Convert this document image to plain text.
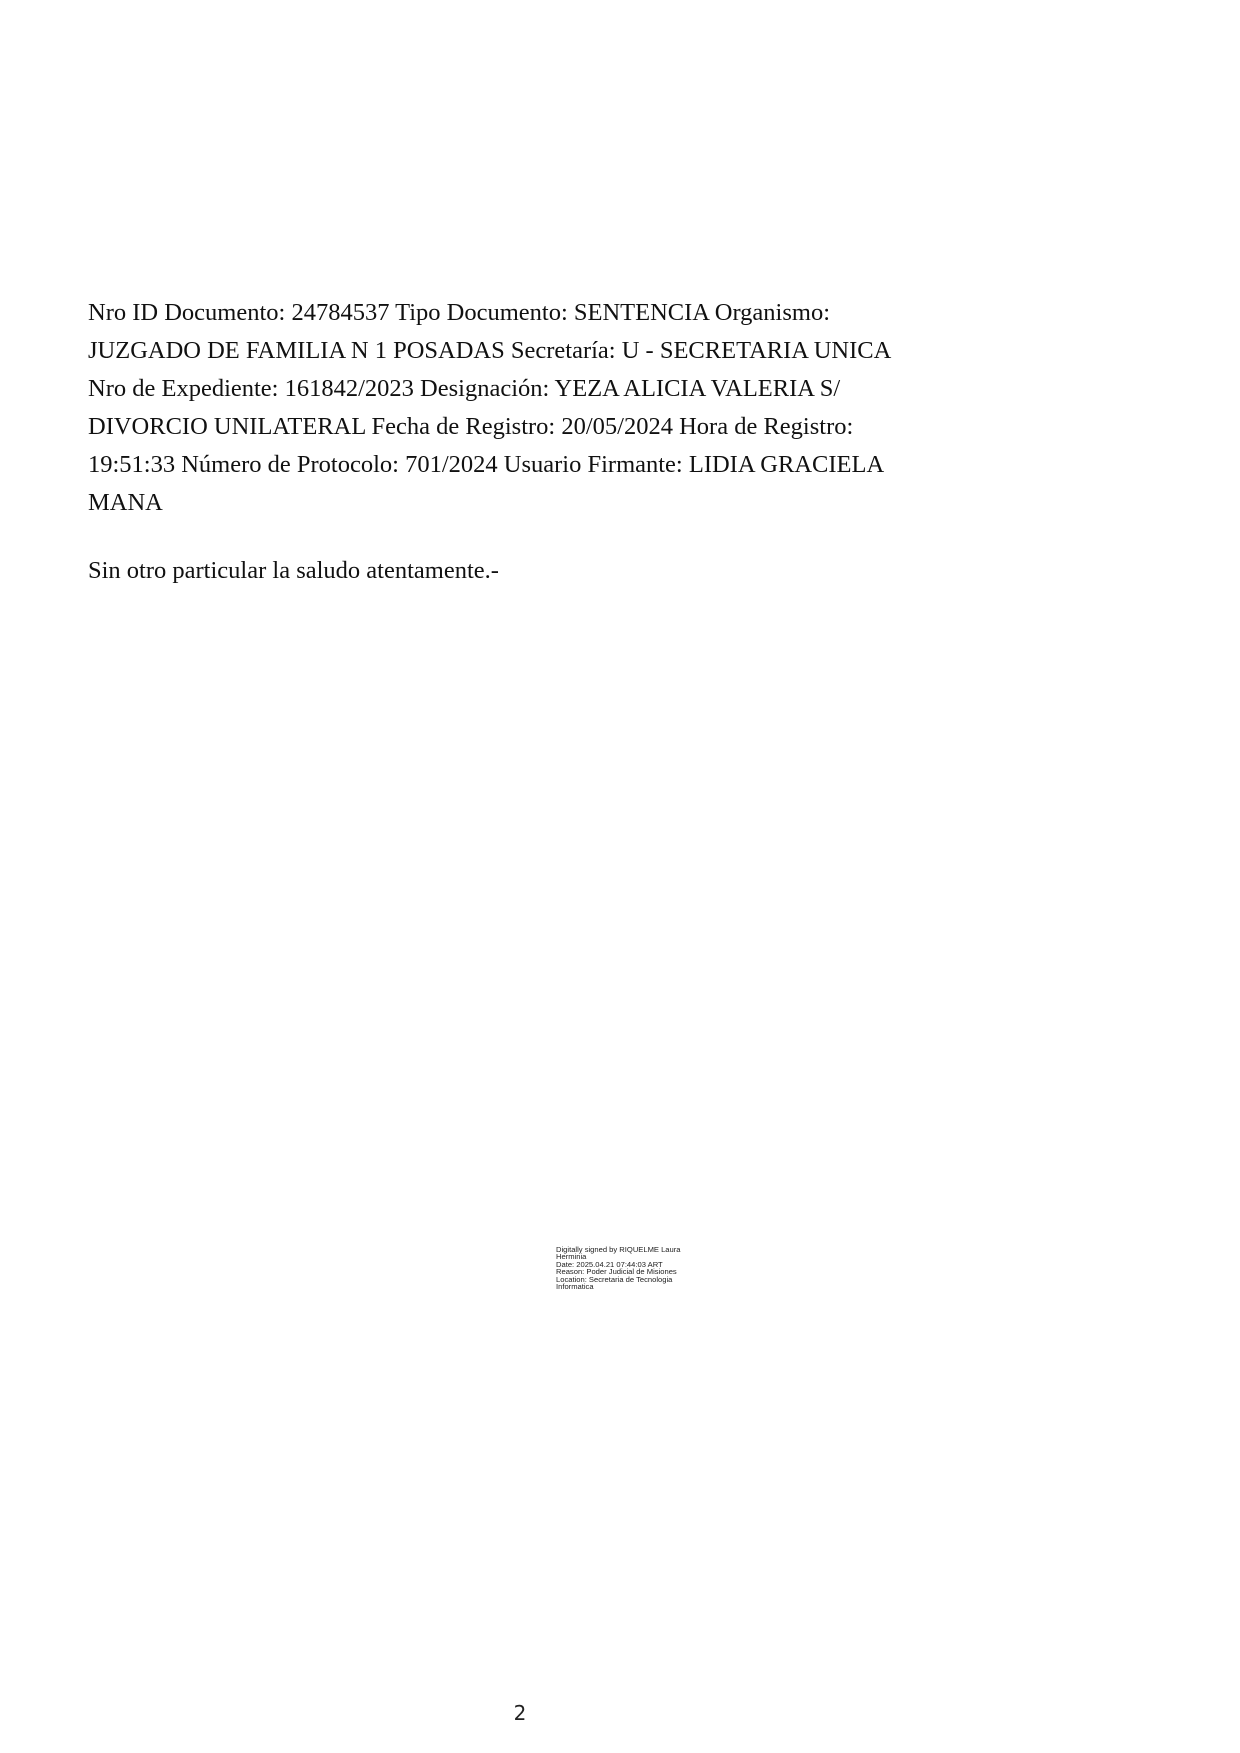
Nro ID Documento: 24784537 Tipo Documento: SENTENCIA Organismo:
JUZGADO DE FAMILIA N 1 POSADAS Secretaría: U - SECRETARIA UNICA
Nro de Expediente: 161842/2023 Designación: YEZA ALICIA VALERIA S/
DIVORCIO UNILATERAL Fecha de Registro: 20/05/2024 Hora de Registro:
19:51:33 Número de Protocolo: 701/2024 Usuario Firmante: LIDIA GRACIELA
MANA
Sin otro particular la saludo atentamente.-
Digitally signed by RIQUELME Laura
Herminia
Date: 2025.04.21 07:44:03 ART
Reason: Poder Judicial de Misiones
Location: Secretaria de Tecnologia
Informatica
2
